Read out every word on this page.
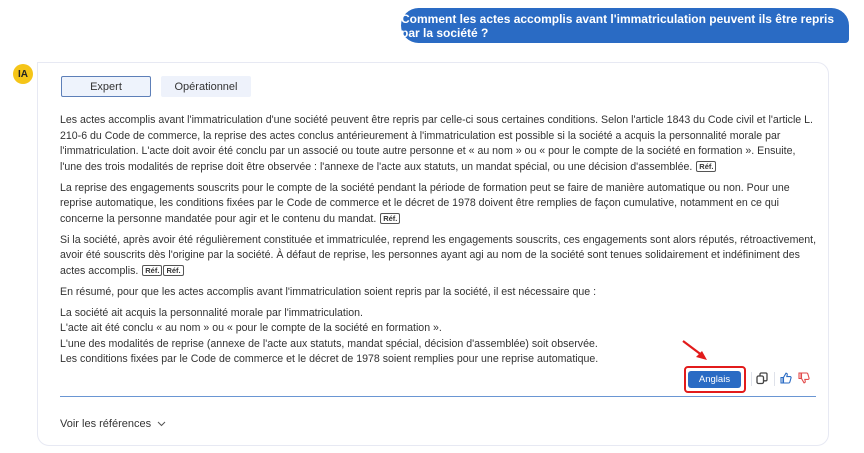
Comment les actes accomplis avant l'immatriculation peuvent ils être repris par la société ?
IA
Expert	Opérationnel

Les actes accomplis avant l'immatriculation d'une société peuvent être repris par celle-ci sous certaines conditions. Selon l'article 1843 du Code civil et l'article L. 210-6 du Code de commerce, la reprise des actes conclus antérieurement à l'immatriculation est possible si la société a acquis la personnalité morale par l'immatriculation. L'acte doit avoir été conclu par un associé ou toute autre personne et « au nom » ou « pour le compte de la société en formation ». Ensuite, l'une des trois modalités de reprise doit être observée : l'annexe de l'acte aux statuts, un mandat spécial, ou une décision d'assemblée. Réf.

La reprise des engagements souscrits pour le compte de la société pendant la période de formation peut se faire de manière automatique ou non. Pour une reprise automatique, les conditions fixées par le Code de commerce et le décret de 1978 doivent être remplies de façon cumulative, notamment en ce qui concerne la personne mandatée pour agir et le contenu du mandat. Réf.

Si la société, après avoir été régulièrement constituée et immatriculée, reprend les engagements souscrits, ces engagements sont alors réputés, rétroactivement, avoir été souscrits dès l'origine par la société. À défaut de reprise, les personnes ayant agi au nom de la société sont tenues solidairement et indéfiniment des actes accomplis. Réf. Réf.

En résumé, pour que les actes accomplis avant l'immatriculation soient repris par la société, il est nécessaire que :

La société ait acquis la personnalité morale par l'immatriculation.
L'acte ait été conclu « au nom » ou « pour le compte de la société en formation ».
L'une des modalités de reprise (annexe de l'acte aux statuts, mandat spécial, décision d'assemblée) soit observée.
Les conditions fixées par le Code de commerce et le décret de 1978 soient remplies pour une reprise automatique.

Anglais
Voir les références
